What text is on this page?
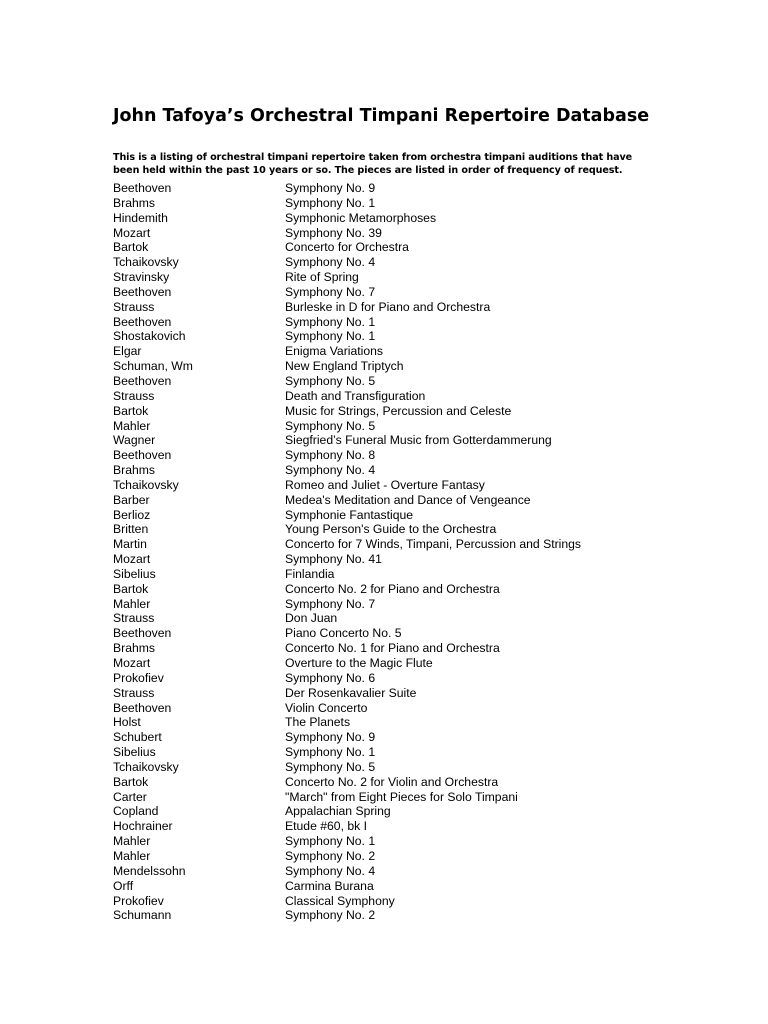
John Tafoya’s Orchestral Timpani Repertoire Database

This is a listing of orchestral timpani repertoire taken from orchestra timpani auditions that have
been held within the past 10 years or so. The pieces are listed in order of frequency of request.

Beethoven	Symphony No. 9
Brahms	Symphony No. 1
Hindemith	Symphonic Metamorphoses
Mozart	Symphony No. 39
Bartok	Concerto for Orchestra
Tchaikovsky	Symphony No. 4
Stravinsky	Rite of Spring
Beethoven	Symphony No. 7
Strauss	Burleske in D for Piano and Orchestra
Beethoven	Symphony No. 1
Shostakovich	Symphony No. 1
Elgar	Enigma Variations
Schuman, Wm	New England Triptych
Beethoven	Symphony No. 5
Strauss	Death and Transfiguration
Bartok	Music for Strings, Percussion and Celeste
Mahler	Symphony No. 5
Wagner	Siegfried’s Funeral Music from Gotterdammerung
Beethoven	Symphony No. 8
Brahms	Symphony No. 4
Tchaikovsky	Romeo and Juliet - Overture Fantasy
Barber	Medea's Meditation and Dance of Vengeance
Berlioz	Symphonie Fantastique
Britten	Young Person's Guide to the Orchestra
Martin	Concerto for 7 Winds, Timpani, Percussion and Strings
Mozart	Symphony No. 41
Sibelius	Finlandia
Bartok	Concerto No. 2 for Piano and Orchestra
Mahler	Symphony No. 7
Strauss	Don Juan
Beethoven	Piano Concerto No. 5
Brahms	Concerto No. 1 for Piano and Orchestra
Mozart	Overture to the Magic Flute
Prokofiev	Symphony No. 6
Strauss	Der Rosenkavalier Suite
Beethoven	Violin Concerto
Holst	The Planets
Schubert	Symphony No. 9
Sibelius	Symphony No. 1
Tchaikovsky	Symphony No. 5
Bartok	Concerto No. 2 for Violin and Orchestra
Carter	"March" from Eight Pieces for Solo Timpani
Copland	Appalachian Spring
Hochrainer	Etude #60, bk I
Mahler	Symphony No. 1
Mahler	Symphony No. 2
Mendelssohn	Symphony No. 4
Orff	Carmina Burana
Prokofiev	Classical Symphony
Schumann	Symphony No. 2
